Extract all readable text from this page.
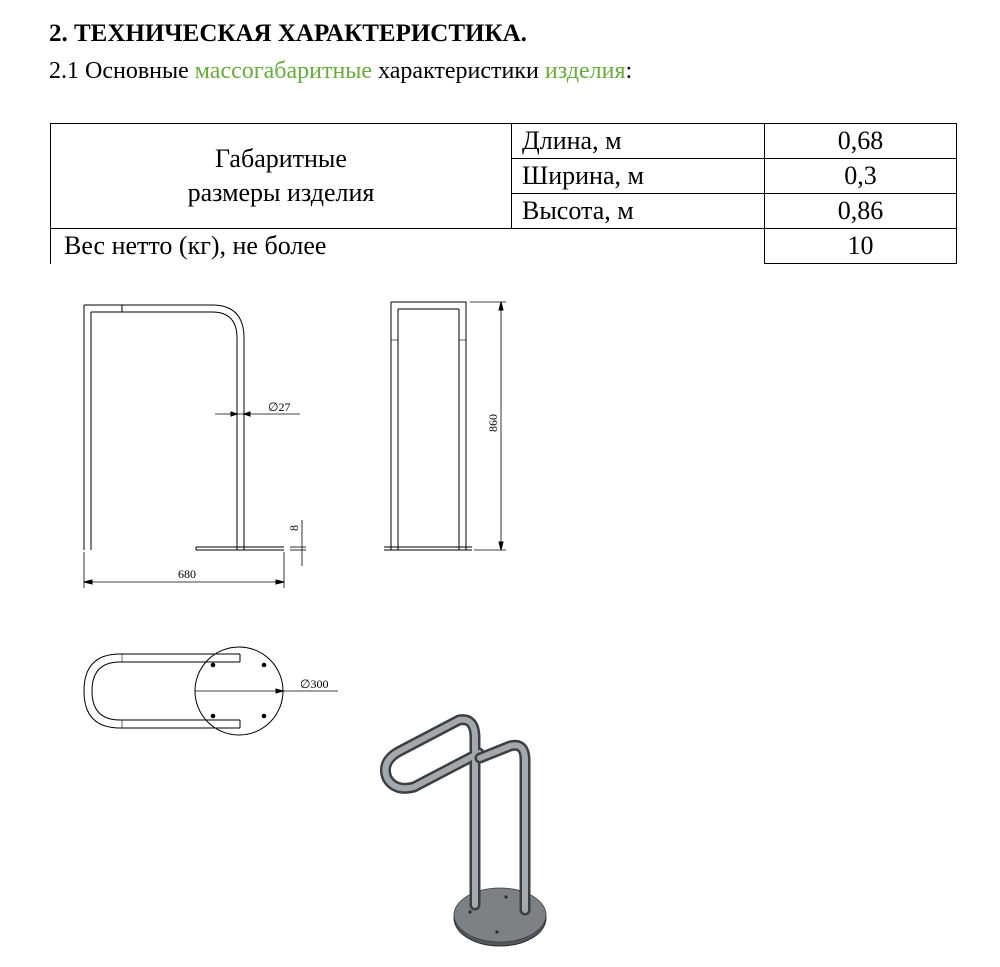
2. ТЕХНИЧЕСКАЯ ХАРАКТЕРИСТИКА.
2.1 Основные массогабаритные характеристики изделия:
Габаритные
размеры изделия	Длина, м	0,68
	Ширина, м	0,3
	Высота, м	0,86
Вес нетто (кг), не более		10
∅27
8
680
860
∅300
